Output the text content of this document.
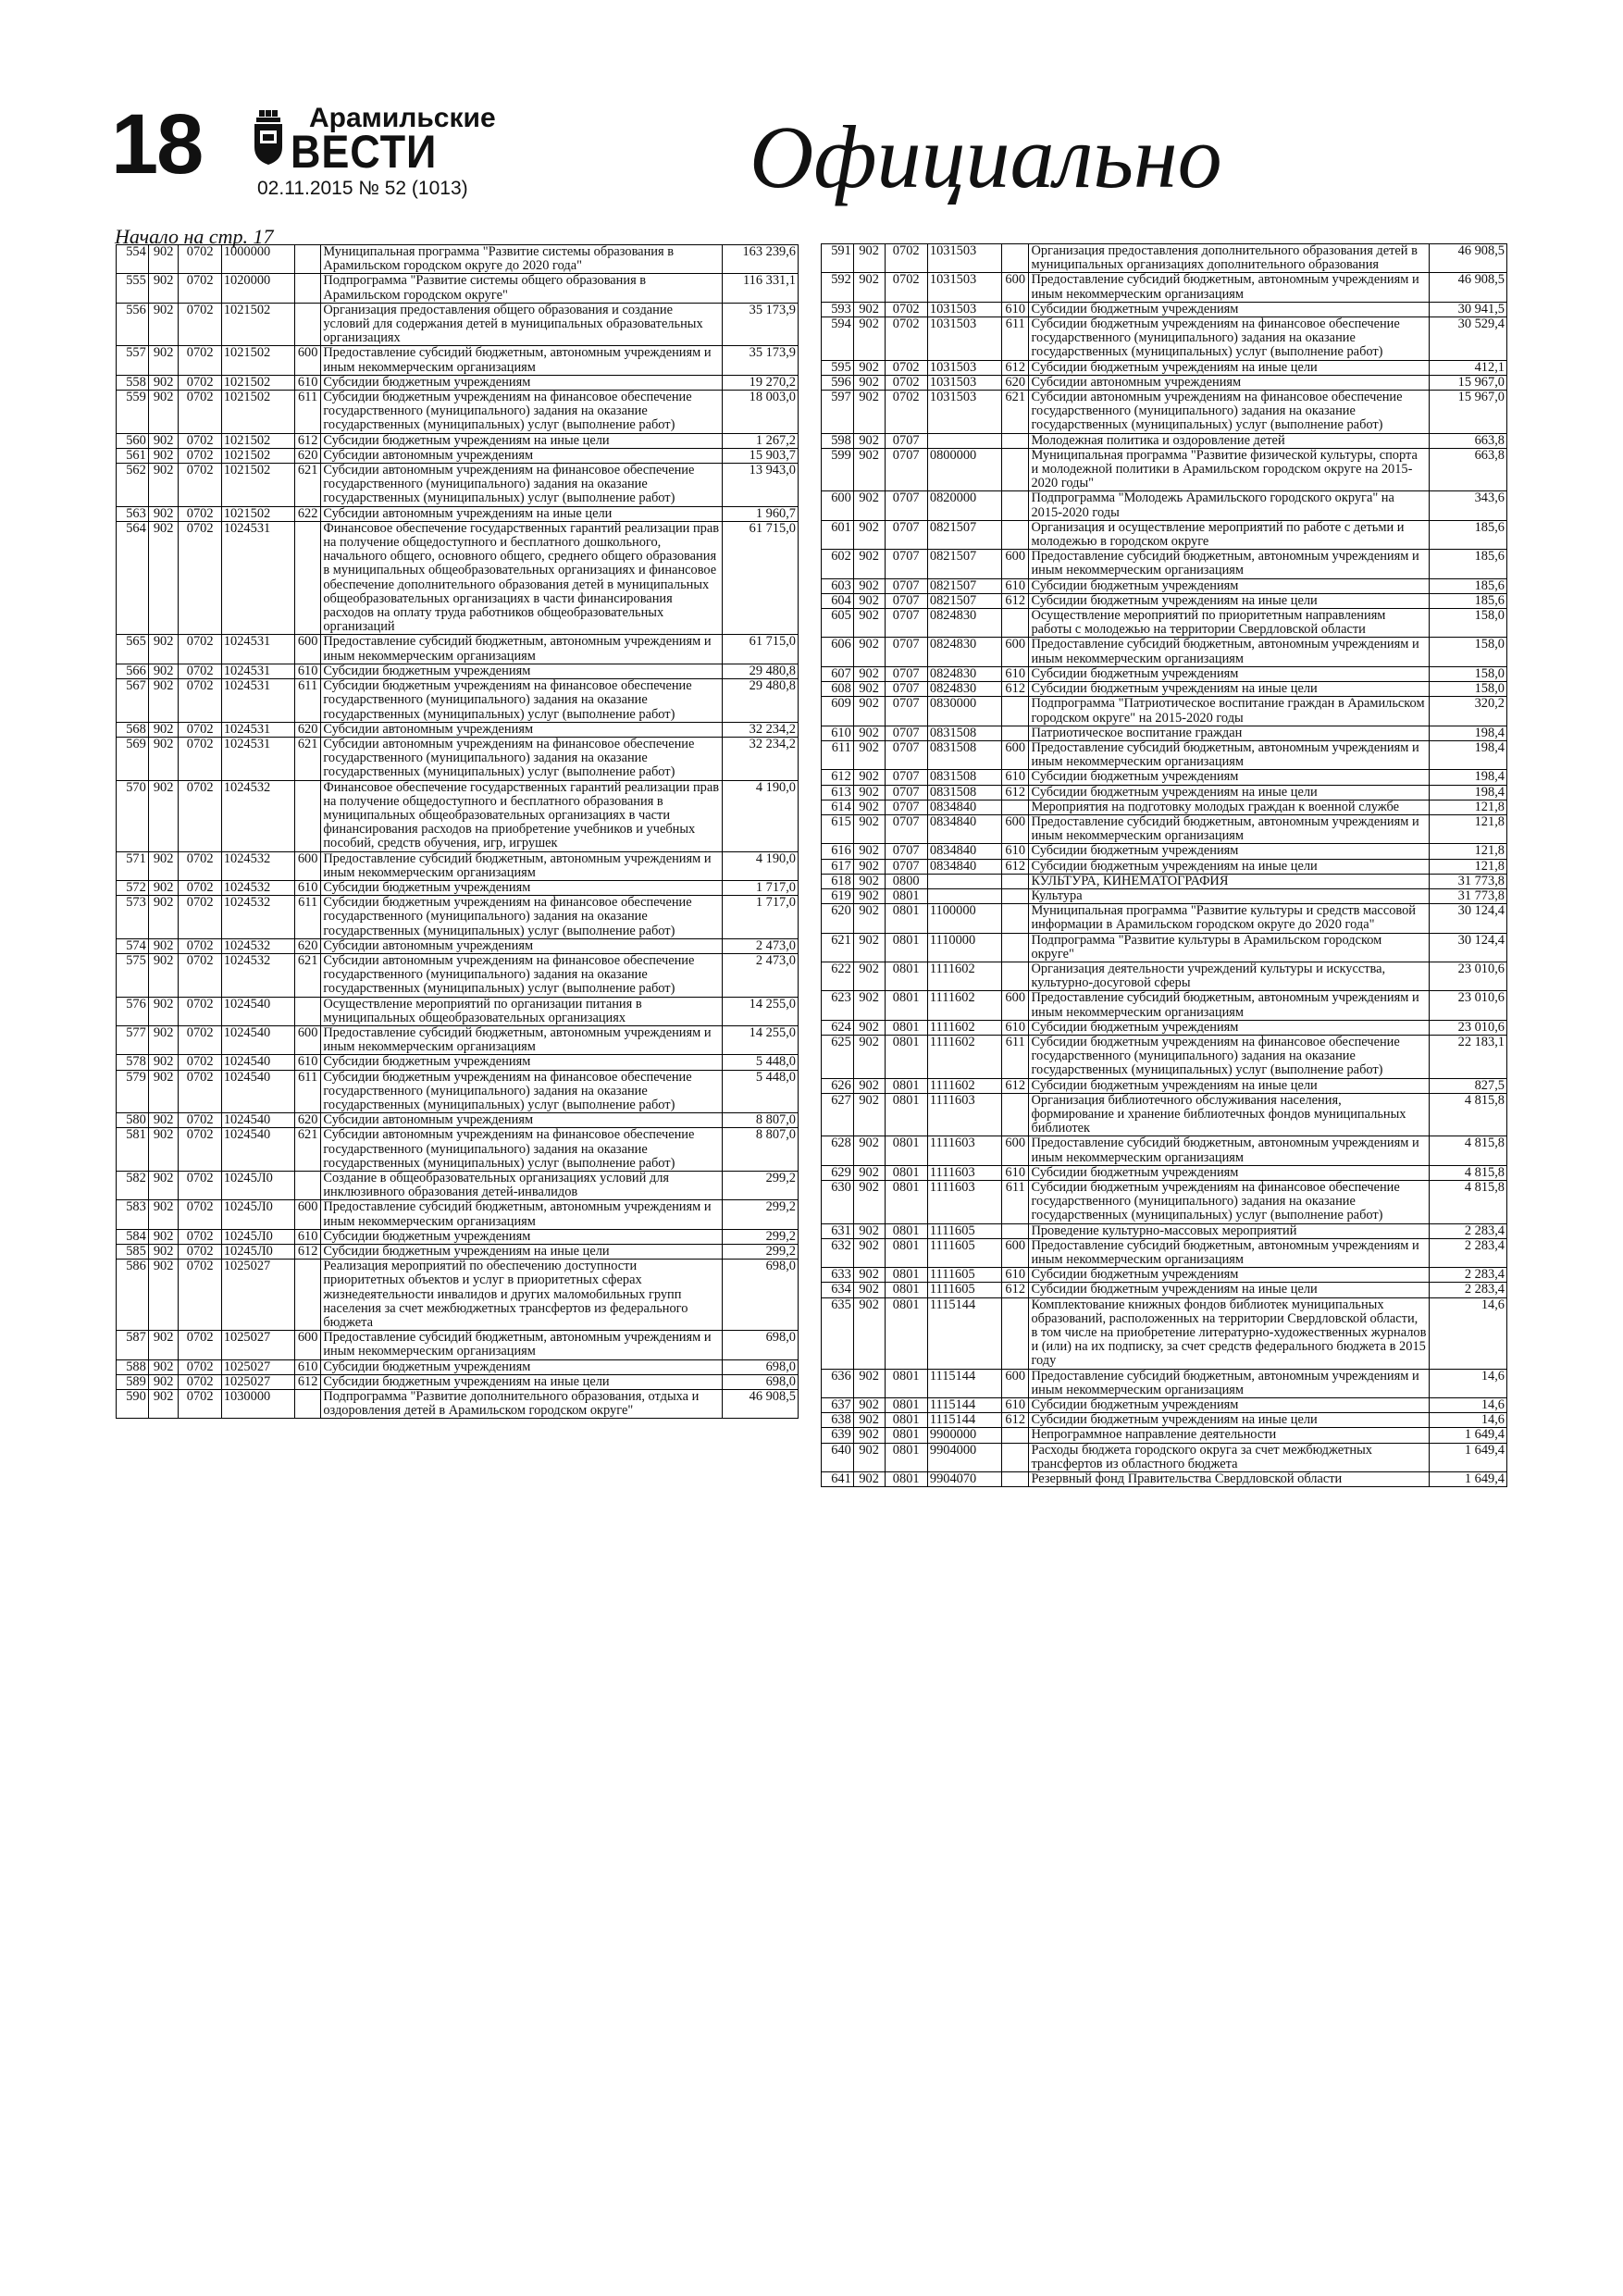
18	Арамильские
ВЕСТИ
02.11.2015 № 52 (1013)	Официально
Начало на стр. 17
554	902	0702	1000000		Муниципальная программа "Развитие системы образования в Арамильском городском округе до 2020 года"	163 239,6
555	902	0702	1020000		Подпрограмма "Развитие системы общего образования в Арамильском городском округе"	116 331,1
556	902	0702	1021502		Организация предоставления общего образования и создание условий для содержания детей в муниципальных образовательных организациях	35 173,9
557	902	0702	1021502	600	Предоставление субсидий бюджетным, автономным учреждениям и иным некоммерческим организациям	35 173,9
558	902	0702	1021502	610	Субсидии бюджетным учреждениям	19 270,2
559	902	0702	1021502	611	Субсидии бюджетным учреждениям на финансовое обеспечение государственного (муниципального) задания на оказание государственных (муниципальных) услуг (выполнение работ)	18 003,0
560	902	0702	1021502	612	Субсидии бюджетным учреждениям на иные цели	1 267,2
561	902	0702	1021502	620	Субсидии автономным учреждениям	15 903,7
562	902	0702	1021502	621	Субсидии автономным учреждениям на финансовое обеспечение государственного (муниципального) задания на оказание государственных (муниципальных) услуг (выполнение работ)	13 943,0
563	902	0702	1021502	622	Субсидии автономным учреждениям на иные цели	1 960,7
564	902	0702	1024531		Финансовое обеспечение государственных гарантий реализации прав на получение общедоступного и бесплатного дошкольного, начального общего, основного общего, среднего общего образования в муниципальных общеобразовательных организациях и финансовое обеспечение дополнительного образования детей в муниципальных общеобразовательных организациях в части финансирования расходов на оплату труда работников общеобразовательных организаций	61 715,0
565	902	0702	1024531	600	Предоставление субсидий бюджетным, автономным учреждениям и иным некоммерческим организациям	61 715,0
566	902	0702	1024531	610	Субсидии бюджетным учреждениям	29 480,8
567	902	0702	1024531	611	Субсидии бюджетным учреждениям на финансовое обеспечение государственного (муниципального) задания на оказание государственных (муниципальных) услуг (выполнение работ)	29 480,8
568	902	0702	1024531	620	Субсидии автономным учреждениям	32 234,2
569	902	0702	1024531	621	Субсидии автономным учреждениям на финансовое обеспечение государственного (муниципального) задания на оказание государственных (муниципальных) услуг (выполнение работ)	32 234,2
570	902	0702	1024532		Финансовое обеспечение государственных гарантий реализации прав на получение общедоступного и бесплатного образования в муниципальных общеобразовательных организациях в части финансирования расходов на приобретение учебников и учебных пособий, средств обучения, игр, игрушек	4 190,0
571	902	0702	1024532	600	Предоставление субсидий бюджетным, автономным учреждениям и иным некоммерческим организациям	4 190,0
572	902	0702	1024532	610	Субсидии бюджетным учреждениям	1 717,0
573	902	0702	1024532	611	Субсидии бюджетным учреждениям на финансовое обеспечение государственного (муниципального) задания на оказание государственных (муниципальных) услуг (выполнение работ)	1 717,0
574	902	0702	1024532	620	Субсидии автономным учреждениям	2 473,0
575	902	0702	1024532	621	Субсидии автономным учреждениям на финансовое обеспечение государственного (муниципального) задания на оказание государственных (муниципальных) услуг (выполнение работ)	2 473,0
576	902	0702	1024540		Осуществление мероприятий по организации питания в муниципальных общеобразовательных организациях	14 255,0
577	902	0702	1024540	600	Предоставление субсидий бюджетным, автономным учреждениям и иным некоммерческим организациям	14 255,0
578	902	0702	1024540	610	Субсидии бюджетным учреждениям	5 448,0
579	902	0702	1024540	611	Субсидии бюджетным учреждениям на финансовое обеспечение государственного (муниципального) задания на оказание государственных (муниципальных) услуг (выполнение работ)	5 448,0
580	902	0702	1024540	620	Субсидии автономным учреждениям	8 807,0
581	902	0702	1024540	621	Субсидии автономным учреждениям на финансовое обеспечение государственного (муниципального) задания на оказание государственных (муниципальных) услуг (выполнение работ)	8 807,0
582	902	0702	10245Л0		Создание в общеобразовательных организациях условий для инклюзивного образования детей-инвалидов	299,2
583	902	0702	10245Л0	600	Предоставление субсидий бюджетным, автономным учреждениям и иным некоммерческим организациям	299,2
584	902	0702	10245Л0	610	Субсидии бюджетным учреждениям	299,2
585	902	0702	10245Л0	612	Субсидии бюджетным учреждениям на иные цели	299,2
586	902	0702	1025027		Реализация мероприятий по обеспечению доступности приоритетных объектов и услуг в приоритетных сферах жизнедеятельности инвалидов и других маломобильных групп населения за счет межбюджетных трансфертов из федерального бюджета	698,0
587	902	0702	1025027	600	Предоставление субсидий бюджетным, автономным учреждениям и иным некоммерческим организациям	698,0
588	902	0702	1025027	610	Субсидии бюджетным учреждениям	698,0
589	902	0702	1025027	612	Субсидии бюджетным учреждениям на иные цели	698,0
590	902	0702	1030000		Подпрограмма "Развитие дополнительного образования, отдыха и оздоровления детей в Арамильском городском округе"	46 908,5
591	902	0702	1031503		Организация предоставления дополнительного образования детей в муниципальных организациях дополнительного образования	46 908,5
592	902	0702	1031503	600	Предоставление субсидий бюджетным, автономным учреждениям и иным некоммерческим организациям	46 908,5
593	902	0702	1031503	610	Субсидии бюджетным учреждениям	30 941,5
594	902	0702	1031503	611	Субсидии бюджетным учреждениям на финансовое обеспечение государственного (муниципального) задания на оказание государственных (муниципальных) услуг (выполнение работ)	30 529,4
595	902	0702	1031503	612	Субсидии бюджетным учреждениям на иные цели	412,1
596	902	0702	1031503	620	Субсидии автономным учреждениям	15 967,0
597	902	0702	1031503	621	Субсидии автономным учреждениям на финансовое обеспечение государственного (муниципального) задания на оказание государственных (муниципальных) услуг (выполнение работ)	15 967,0
598	902	0707			Молодежная политика и оздоровление детей	663,8
599	902	0707	0800000		Муниципальная программа "Развитие физической культуры, спорта и молодежной политики в Арамильском городском округе на 2015-2020 годы"	663,8
600	902	0707	0820000		Подпрограмма "Молодежь Арамильского городского округа" на 2015-2020 годы	343,6
601	902	0707	0821507		Организация и осуществление мероприятий по работе с детьми и молодежью в городском округе	185,6
602	902	0707	0821507	600	Предоставление субсидий бюджетным, автономным учреждениям и иным некоммерческим организациям	185,6
603	902	0707	0821507	610	Субсидии бюджетным учреждениям	185,6
604	902	0707	0821507	612	Субсидии бюджетным учреждениям на иные цели	185,6
605	902	0707	0824830		Осуществление мероприятий по приоритетным направлениям работы с молодежью на территории Свердловской области	158,0
606	902	0707	0824830	600	Предоставление субсидий бюджетным, автономным учреждениям и иным некоммерческим организациям	158,0
607	902	0707	0824830	610	Субсидии бюджетным учреждениям	158,0
608	902	0707	0824830	612	Субсидии бюджетным учреждениям на иные цели	158,0
609	902	0707	0830000		Подпрограмма "Патриотическое воспитание граждан в Арамильском городском округе" на 2015-2020 годы	320,2
610	902	0707	0831508		Патриотическое воспитание граждан	198,4
611	902	0707	0831508	600	Предоставление субсидий бюджетным, автономным учреждениям и иным некоммерческим организациям	198,4
612	902	0707	0831508	610	Субсидии бюджетным учреждениям	198,4
613	902	0707	0831508	612	Субсидии бюджетным учреждениям на иные цели	198,4
614	902	0707	0834840		Мероприятия на подготовку молодых граждан к военной службе	121,8
615	902	0707	0834840	600	Предоставление субсидий бюджетным, автономным учреждениям и иным некоммерческим организациям	121,8
616	902	0707	0834840	610	Субсидии бюджетным учреждениям	121,8
617	902	0707	0834840	612	Субсидии бюджетным учреждениям на иные цели	121,8
618	902	0800			КУЛЬТУРА, КИНЕМАТОГРАФИЯ	31 773,8
619	902	0801			Культура	31 773,8
620	902	0801	1100000		Муниципальная программа "Развитие культуры и средств массовой информации в Арамильском городском округе до 2020 года"	30 124,4
621	902	0801	1110000		Подпрограмма "Развитие культуры в Арамильском городском округе"	30 124,4
622	902	0801	1111602		Организация деятельности учреждений культуры и искусства, культурно-досуговой сферы	23 010,6
623	902	0801	1111602	600	Предоставление субсидий бюджетным, автономным учреждениям и иным некоммерческим организациям	23 010,6
624	902	0801	1111602	610	Субсидии бюджетным учреждениям	23 010,6
625	902	0801	1111602	611	Субсидии бюджетным учреждениям на финансовое обеспечение государственного (муниципального) задания на оказание государственных (муниципальных) услуг (выполнение работ)	22 183,1
626	902	0801	1111602	612	Субсидии бюджетным учреждениям на иные цели	827,5
627	902	0801	1111603		Организация библиотечного обслуживания населения, формирование и хранение библиотечных фондов муниципальных библиотек	4 815,8
628	902	0801	1111603	600	Предоставление субсидий бюджетным, автономным учреждениям и иным некоммерческим организациям	4 815,8
629	902	0801	1111603	610	Субсидии бюджетным учреждениям	4 815,8
630	902	0801	1111603	611	Субсидии бюджетным учреждениям на финансовое обеспечение государственного (муниципального) задания на оказание государственных (муниципальных) услуг (выполнение работ)	4 815,8
631	902	0801	1111605		Проведение культурно-массовых мероприятий	2 283,4
632	902	0801	1111605	600	Предоставление субсидий бюджетным, автономным учреждениям и иным некоммерческим организациям	2 283,4
633	902	0801	1111605	610	Субсидии бюджетным учреждениям	2 283,4
634	902	0801	1111605	612	Субсидии бюджетным учреждениям на иные цели	2 283,4
635	902	0801	1115144		Комплектование книжных фондов библиотек муниципальных образований, расположенных на территории Свердловской области, в том числе на приобретение литературно-художественных журналов и (или) на их подписку, за счет средств федерального бюджета в 2015 году	14,6
636	902	0801	1115144	600	Предоставление субсидий бюджетным, автономным учреждениям и иным некоммерческим организациям	14,6
637	902	0801	1115144	610	Субсидии бюджетным учреждениям	14,6
638	902	0801	1115144	612	Субсидии бюджетным учреждениям на иные цели	14,6
639	902	0801	9900000		Непрограммное направление деятельности	1 649,4
640	902	0801	9904000		Расходы бюджета городского округа за счет межбюджетных трансфертов из областного бюджета	1 649,4
641	902	0801	9904070		Резервный фонд Правительства Свердловской области	1 649,4
